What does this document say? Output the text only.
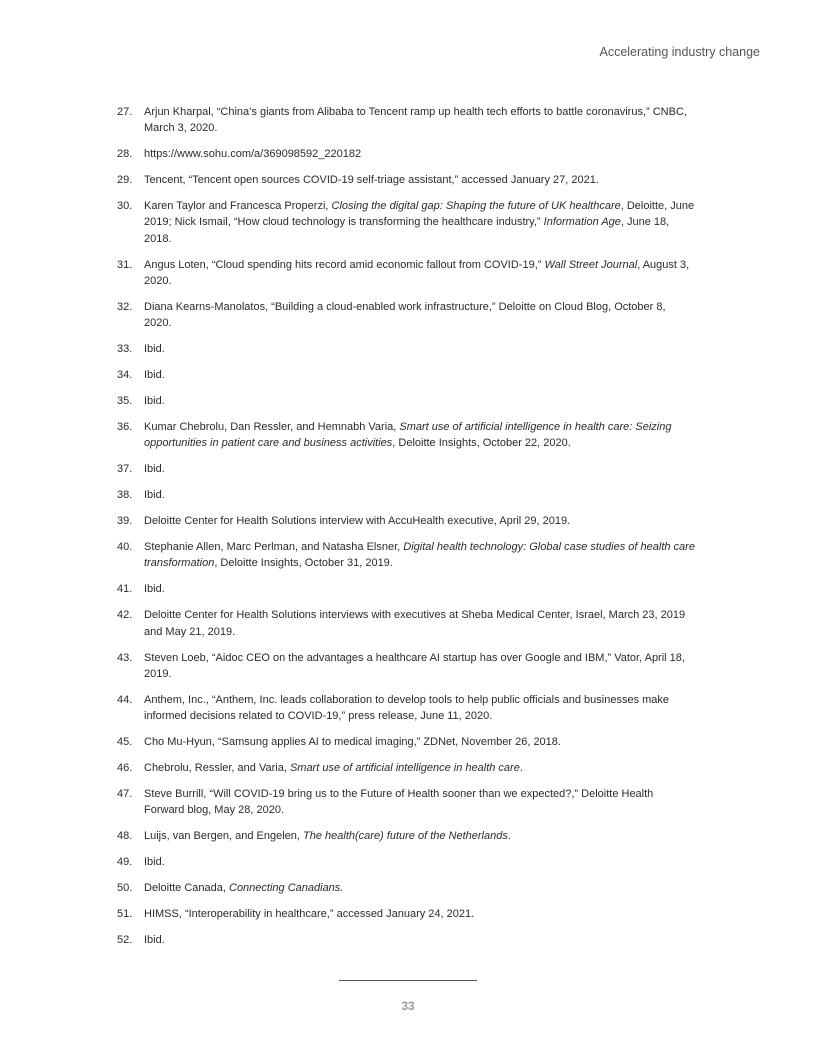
Accelerating industry change
27.	Arjun Kharpal, “China’s giants from Alibaba to Tencent ramp up health tech efforts to battle coronavirus,” CNBC, March 3, 2020.
28.	https://www.sohu.com/a/369098592_220182
29.	Tencent, “Tencent open sources COVID-19 self-triage assistant,” accessed January 27, 2021.
30.	Karen Taylor and Francesca Properzi, Closing the digital gap: Shaping the future of UK healthcare, Deloitte, June 2019; Nick Ismail, “How cloud technology is transforming the healthcare industry,” Information Age, June 18, 2018.
31.	Angus Loten, “Cloud spending hits record amid economic fallout from COVID-19,” Wall Street Journal, August 3, 2020.
32.	Diana Kearns-Manolatos, “Building a cloud-enabled work infrastructure,” Deloitte on Cloud Blog, October 8, 2020.
33.	Ibid.
34.	Ibid.
35.	Ibid.
36.	Kumar Chebrolu, Dan Ressler, and Hemnabh Varia, Smart use of artificial intelligence in health care: Seizing opportunities in patient care and business activities, Deloitte Insights, October 22, 2020.
37.	Ibid.
38.	Ibid.
39.	Deloitte Center for Health Solutions interview with AccuHealth executive, April 29, 2019.
40.	Stephanie Allen, Marc Perlman, and Natasha Elsner, Digital health technology: Global case studies of health care transformation, Deloitte Insights, October 31, 2019.
41.	Ibid.
42.	Deloitte Center for Health Solutions interviews with executives at Sheba Medical Center, Israel, March 23, 2019 and May 21, 2019.
43.	Steven Loeb, “Aidoc CEO on the advantages a healthcare AI startup has over Google and IBM,” Vator, April 18, 2019.
44.	Anthem, Inc., “Anthem, Inc. leads collaboration to develop tools to help public officials and businesses make informed decisions related to COVID-19,” press release, June 11, 2020.
45.	Cho Mu-Hyun, “Samsung applies AI to medical imaging,” ZDNet, November 26, 2018.
46.	Chebrolu, Ressler, and Varia, Smart use of artificial intelligence in health care.
47.	Steve Burrill, “Will COVID-19 bring us to the Future of Health sooner than we expected?,” Deloitte Health Forward blog, May 28, 2020.
48.	Luijs, van Bergen, and Engelen, The health(care) future of the Netherlands.
49.	Ibid.
50.	Deloitte Canada, Connecting Canadians.
51.	HIMSS, “Interoperability in healthcare,” accessed January 24, 2021.
52.	Ibid.
33
